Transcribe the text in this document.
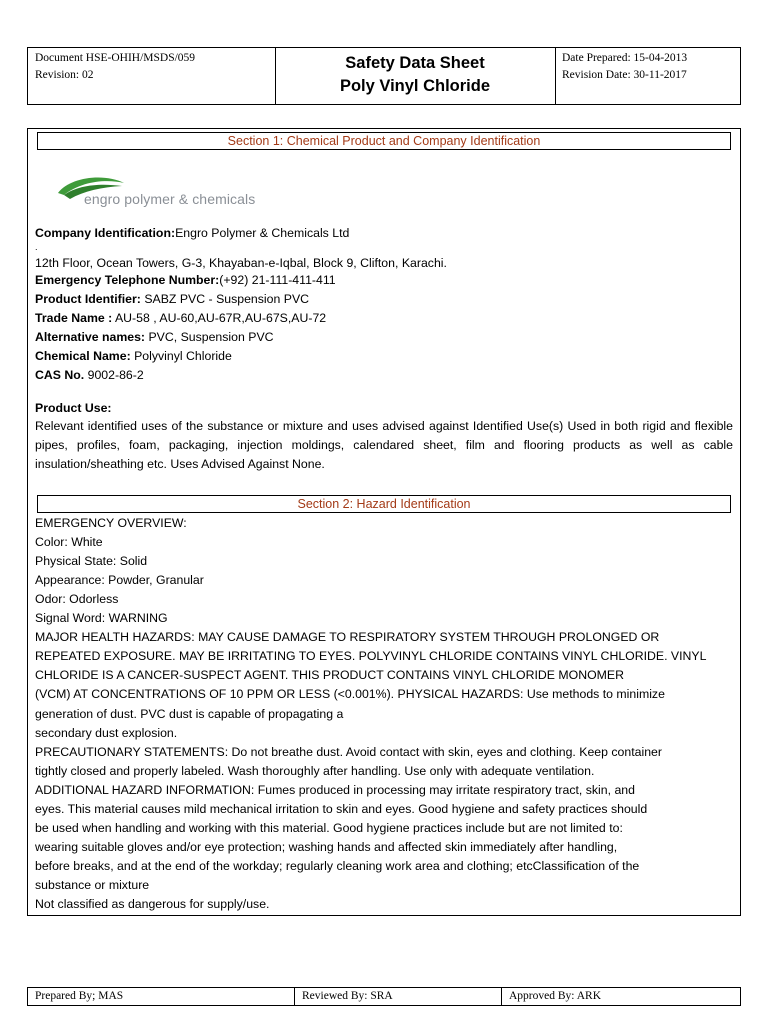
Document HSE-OHIH/MSDS/059
Revision: 02
Safety Data Sheet
Poly Vinyl Chloride
Date Prepared: 15-04-2013
Revision Date: 30-11-2017
Section 1: Chemical Product and Company Identification
Section 2: Hazard Identification
engro polymer & chemicals
Company Identification:Engro Polymer & Chemicals Ltd
.
12th Floor, Ocean Towers, G-3, Khayaban-e-Iqbal, Block 9, Clifton, Karachi.
Emergency Telephone Number:(+92) 21-111-411-411
Product Identifier: SABZ PVC - Suspension PVC
Trade Name : AU-58 , AU-60,AU-67R,AU-67S,AU-72
Alternative names: PVC, Suspension PVC
Chemical Name: Polyvinyl Chloride
CAS No. 9002-86-2
Product Use:
Relevant identified uses of the substance or mixture and uses advised against Identified Use(s) Used in both rigid and flexible pipes, profiles, foam, packaging, injection moldings, calendared sheet, film and flooring products as well as cable insulation/sheathing etc. Uses Advised Against None.
EMERGENCY OVERVIEW:
Color: White
Physical State: Solid
Appearance: Powder, Granular
Odor: Odorless
Signal Word: WARNING
MAJOR HEALTH HAZARDS: MAY CAUSE DAMAGE TO RESPIRATORY SYSTEM THROUGH PROLONGED OR
REPEATED EXPOSURE. MAY BE IRRITATING TO EYES. POLYVINYL CHLORIDE CONTAINS VINYL CHLORIDE. VINYL
CHLORIDE IS A CANCER-SUSPECT AGENT. THIS PRODUCT CONTAINS VINYL CHLORIDE MONOMER
(VCM) AT CONCENTRATIONS OF 10 PPM OR LESS (<0.001%). PHYSICAL HAZARDS: Use methods to minimize
generation of dust. PVC dust is capable of propagating a
secondary dust explosion.
PRECAUTIONARY STATEMENTS: Do not breathe dust. Avoid contact with skin, eyes and clothing. Keep container
tightly closed and properly labeled. Wash thoroughly after handling. Use only with adequate ventilation.
ADDITIONAL HAZARD INFORMATION: Fumes produced in processing may irritate respiratory tract, skin, and
eyes. This material causes mild mechanical irritation to skin and eyes. Good hygiene and safety practices should
be used when handling and working with this material. Good hygiene practices include but are not limited to:
wearing suitable gloves and/or eye protection; washing hands and affected skin immediately after handling,
before breaks, and at the end of the workday; regularly cleaning work area and clothing; etcClassification of the
substance or mixture
Not classified as dangerous for supply/use.
Prepared By; MAS	Reviewed By: SRA	Approved By: ARK
